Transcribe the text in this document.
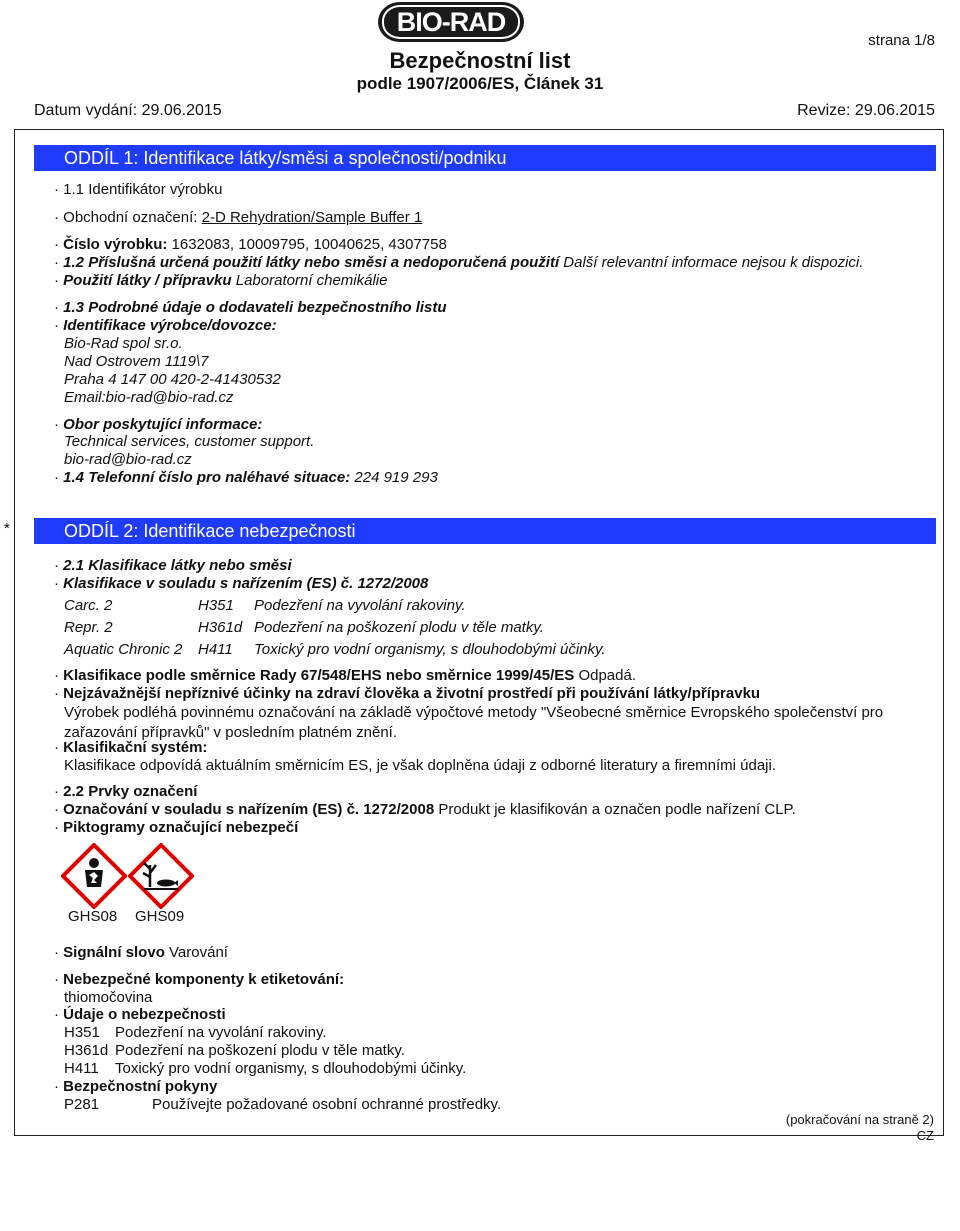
BIO-RAD
strana 1/8
Bezpečnostní list
podle 1907/2006/ES, Článek 31
Datum vydání: 29.06.2015	Revize: 29.06.2015
ODDÍL 1: Identifikace látky/směsi a společnosti/podniku
· 1.1 Identifikátor výrobku
· Obchodní označení: 2-D Rehydration/Sample Buffer 1
· Číslo výrobku: 1632083, 10009795, 10040625, 4307758
· 1.2 Příslušná určená použití látky nebo směsi a nedoporučená použití Další relevantní informace nejsou k dispozici.
· Použití látky / přípravku Laboratorní chemikálie
· 1.3 Podrobné údaje o dodavateli bezpečnostního listu
· Identifikace výrobce/dovozce:
Bio-Rad spol sr.o.
Nad Ostrovem 1119\7
Praha 4 147 00 420-2-41430532
Email:bio-rad@bio-rad.cz
· Obor poskytující informace:
Technical services, customer support.
bio-rad@bio-rad.cz
· 1.4 Telefonní číslo pro naléhavé situace: 224 919 293
*	ODDÍL 2: Identifikace nebezpečnosti
· 2.1 Klasifikace látky nebo směsi
· Klasifikace v souladu s nařízením (ES) č. 1272/2008
Carc. 2	H351 Podezření na vyvolání rakoviny.
Repr. 2	H361d Podezření na poškození plodu v těle matky.
Aquatic Chronic 2 H411 Toxický pro vodní organismy, s dlouhodobými účinky.
· Klasifikace podle směrnice Rady 67/548/EHS nebo směrnice 1999/45/ES Odpadá.
· Nejzávažnější nepříznivé účinky na zdraví člověka a životní prostředí při používání látky/přípravku
Výrobek podléhá povinnému označování na základě výpočtové metody "Všeobecné směrnice Evropského společenství pro zařazování přípravků" v posledním platném znění.
· Klasifikační systém:
Klasifikace odpovídá aktuálním směrnicím ES, je však doplněna údaji z odborné literatury a firemními údaji.
· 2.2 Prvky označení
· Označování v souladu s nařízením (ES) č. 1272/2008 Produkt je klasifikován a označen podle nařízení CLP.
· Piktogramy označující nebezpečí
GHS08 GHS09
· Signální slovo Varování
· Nebezpečné komponenty k etiketování:
thiomočovina
· Údaje o nebezpečnosti
H351 Podezření na vyvolání rakoviny.
H361d Podezření na poškození plodu v těle matky.
H411 Toxický pro vodní organismy, s dlouhodobými účinky.
· Bezpečnostní pokyny
P281	Používejte požadované osobní ochranné prostředky.
(pokračování na straně 2)
CZ
